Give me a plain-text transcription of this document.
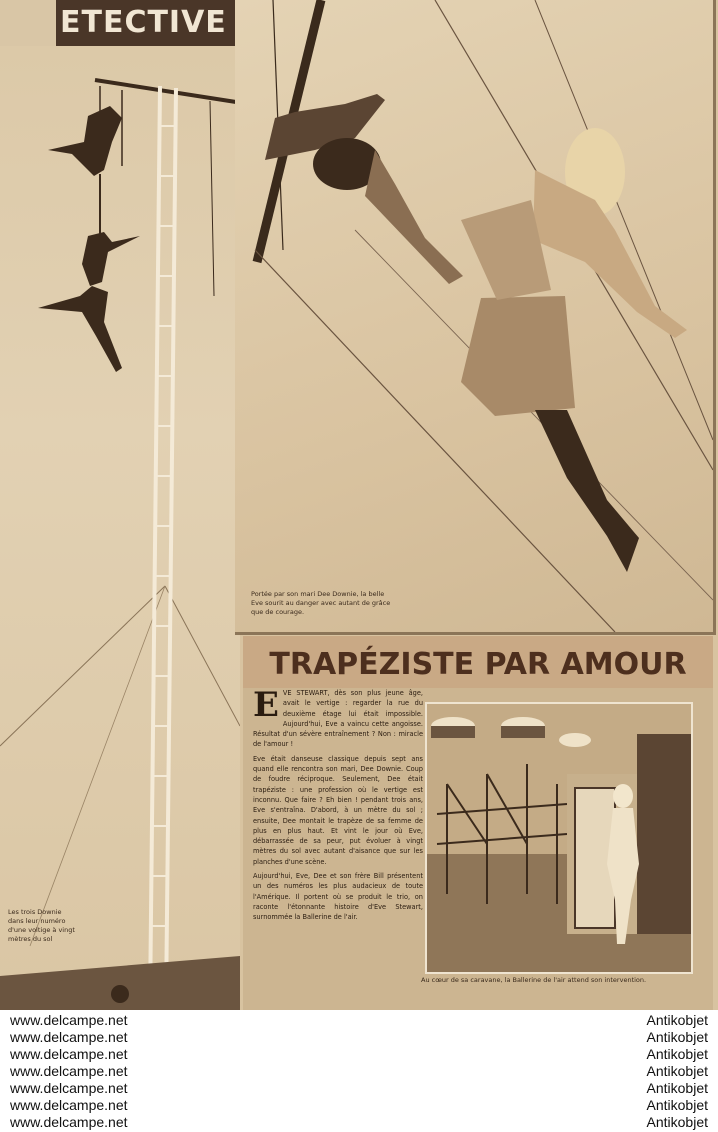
ETECTIVE
Les trois Downie dans leur numéro d'une voltige à vingt mètres du sol
Portée par son mari Dee Downie, la belle Eve sourit au danger avec autant de grâce que de courage.
TRAPÉZISTE PAR AMOUR

EVE STEWART, dès son plus jeune âge, avait le vertige : regarder la rue du deuxième étage lui était impossible. Aujourd'hui, Eve a vaincu cette angoisse. Résultat d'un sévère entraînement ? Non : miracle de l'amour !

Eve était danseuse classique depuis sept ans quand elle rencontra son mari, Dee Downie. Coup de foudre réciproque. Seulement, Dee était trapéziste : une profession où le vertige est inconnu. Que faire ? Eh bien ! pendant trois ans, Eve s'entraîna. D'abord, à un mètre du sol ; ensuite, Dee montait le trapèze de sa femme de plus en plus haut. Et vint le jour où Eve, débarrassée de sa peur, put évoluer à vingt mètres du sol avec autant d'aisance que sur les planches d'une scène.

Aujourd'hui, Eve, Dee et son frère Bill présentent un des numéros les plus audacieux de toute l'Amérique. Il portent où se produit le trio, on raconte l'étonnante histoire d'Eve Stewart, surnommée la Ballerine de l'air.

Au cœur de sa caravane, la Ballerine de l'air attend son intervention.
www.delcampe.net
www.delcampe.net
www.delcampe.net
www.delcampe.net
www.delcampe.net
www.delcampe.net
www.delcampe.net
Antikobjet
Antikobjet
Antikobjet
Antikobjet
Antikobjet
Antikobjet
Antikobjet
